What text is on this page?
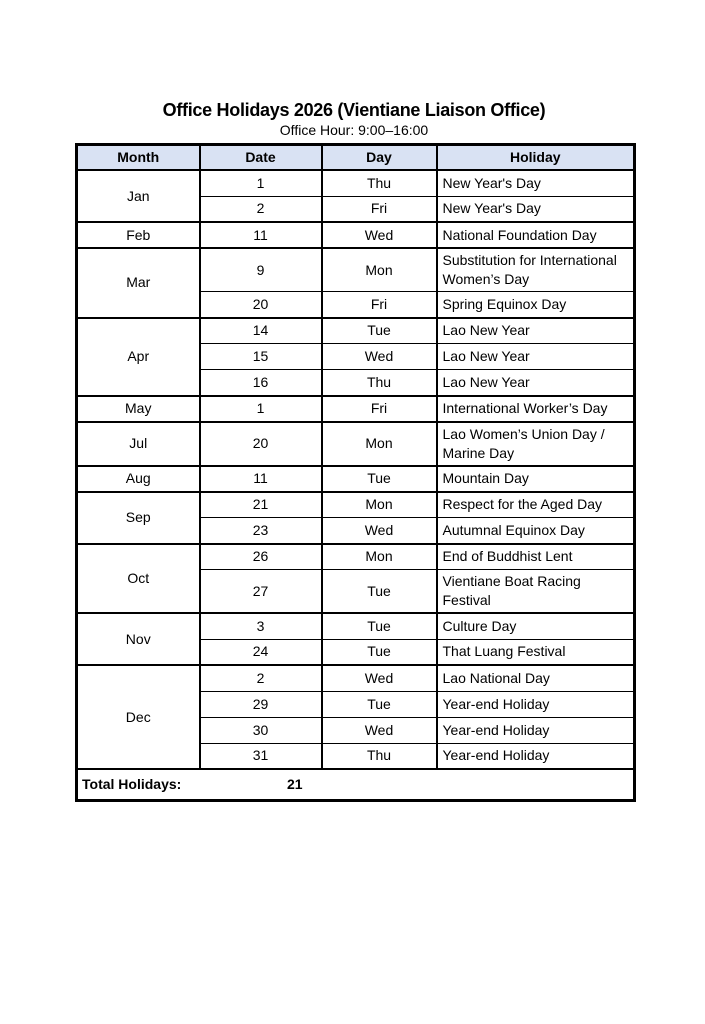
Office Holidays 2026 (Vientiane Liaison Office)
Office Hour: 9:00–16:00
Month	Date	Day	Holiday
Jan	1	Thu	New Year's Day
	2	Fri	New Year's Day
Feb	11	Wed	National Foundation Day
Mar	9	Mon	Substitution for International Women’s Day
	20	Fri	Spring Equinox Day
Apr	14	Tue	Lao New Year
	15	Wed	Lao New Year
	16	Thu	Lao New Year
May	1	Fri	International Worker’s Day
Jul	20	Mon	Lao Women’s Union Day / Marine Day
Aug	11	Tue	Mountain Day
Sep	21	Mon	Respect for the Aged Day
	23	Wed	Autumnal Equinox Day
Oct	26	Mon	End of Buddhist Lent
	27	Tue	Vientiane Boat Racing Festival
Nov	3	Tue	Culture Day
	24	Tue	That Luang Festival
Dec	2	Wed	Lao National Day
	29	Tue	Year-end Holiday
	30	Wed	Year-end Holiday
	31	Thu	Year-end Holiday
Total Holidays: 21			
